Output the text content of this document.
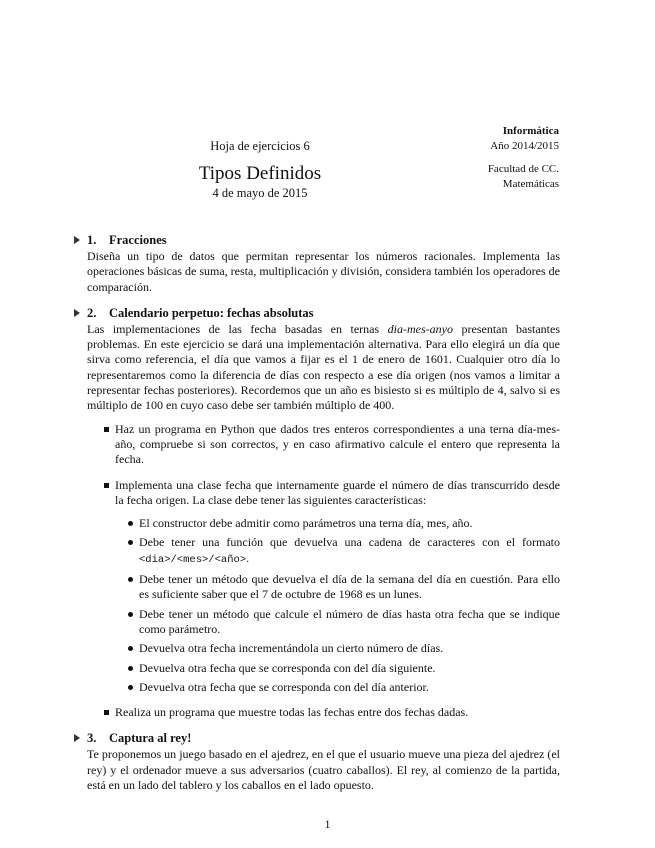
Hoja de ejercicios 6
Tipos Definidos
4 de mayo de 2015
Informática
Año 2014/2015
Facultad de CC.
Matemáticas
1. Fracciones
Diseña un tipo de datos que permitan representar los números racionales. Implementa las operaciones básicas de suma, resta, multiplicación y división, considera también los operadores de comparación.
2. Calendario perpetuo: fechas absolutas
Las implementaciones de las fecha basadas en ternas dia-mes-anyo presentan bastantes problemas. En este ejercicio se dará una implementación alternativa. Para ello elegirá un día que sirva como referencia, el día que vamos a fijar es el 1 de enero de 1601. Cualquier otro día lo representaremos como la diferencia de días con respecto a ese día origen (nos vamos a limitar a representar fechas posteriores). Recordemos que un año es bisiesto si es múltiplo de 4, salvo si es múltiplo de 100 en cuyo caso debe ser también múltiplo de 400.
Haz un programa en Python que dados tres enteros correspondientes a una terna día-mes-año, compruebe si son correctos, y en caso afirmativo calcule el entero que representa la fecha.
Implementa una clase fecha que internamente guarde el número de días transcurrido desde la fecha origen. La clase debe tener las siguientes características:
El constructor debe admitir como parámetros una terna día, mes, año.
Debe tener una función que devuelva una cadena de caracteres con el formato <dia>/<mes>/<año>.
Debe tener un método que devuelva el día de la semana del día en cuestión. Para ello es suficiente saber que el 7 de octubre de 1968 es un lunes.
Debe tener un método que calcule el número de días hasta otra fecha que se indique como parámetro.
Devuelva otra fecha incrementándola un cierto número de días.
Devuelva otra fecha que se corresponda con del día siguiente.
Devuelva otra fecha que se corresponda con del día anterior.
Realiza un programa que muestre todas las fechas entre dos fechas dadas.
3. Captura al rey!
Te proponemos un juego basado en el ajedrez, en el que el usuario mueve una pieza del ajedrez (el rey) y el ordenador mueve a sus adversarios (cuatro caballos). El rey, al comienzo de la partida, está en un lado del tablero y los caballos en el lado opuesto.
1
